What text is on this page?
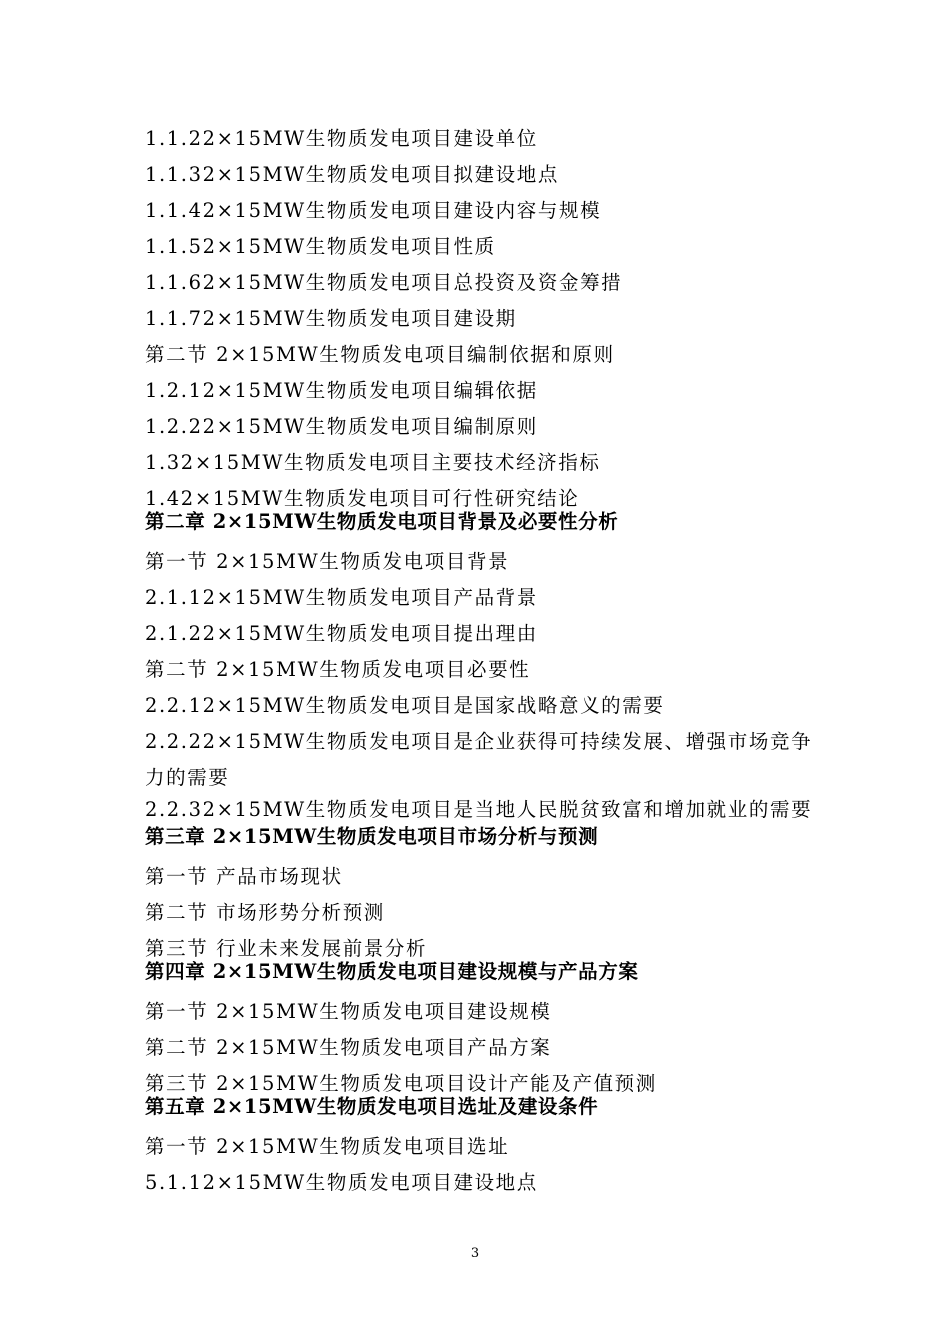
1.1.22×15MW生物质发电项目建设单位
1.1.32×15MW生物质发电项目拟建设地点
1.1.42×15MW生物质发电项目建设内容与规模
1.1.52×15MW生物质发电项目性质
1.1.62×15MW生物质发电项目总投资及资金筹措
1.1.72×15MW生物质发电项目建设期
第二节 2×15MW生物质发电项目编制依据和原则
1.2.12×15MW生物质发电项目编辑依据
1.2.22×15MW生物质发电项目编制原则
1.32×15MW生物质发电项目主要技术经济指标
1.42×15MW生物质发电项目可行性研究结论
第二章 2×15MW生物质发电项目背景及必要性分析
第一节 2×15MW生物质发电项目背景
2.1.12×15MW生物质发电项目产品背景
2.1.22×15MW生物质发电项目提出理由
第二节 2×15MW生物质发电项目必要性
2.2.12×15MW生物质发电项目是国家战略意义的需要
2.2.22×15MW生物质发电项目是企业获得可持续发展、增强市场竞争力的需要
2.2.32×15MW生物质发电项目是当地人民脱贫致富和增加就业的需要
第三章 2×15MW生物质发电项目市场分析与预测
第一节 产品市场现状
第二节 市场形势分析预测
第三节 行业未来发展前景分析
第四章 2×15MW生物质发电项目建设规模与产品方案
第一节 2×15MW生物质发电项目建设规模
第二节 2×15MW生物质发电项目产品方案
第三节 2×15MW生物质发电项目设计产能及产值预测
第五章 2×15MW生物质发电项目选址及建设条件
第一节 2×15MW生物质发电项目选址
5.1.12×15MW生物质发电项目建设地点
3
